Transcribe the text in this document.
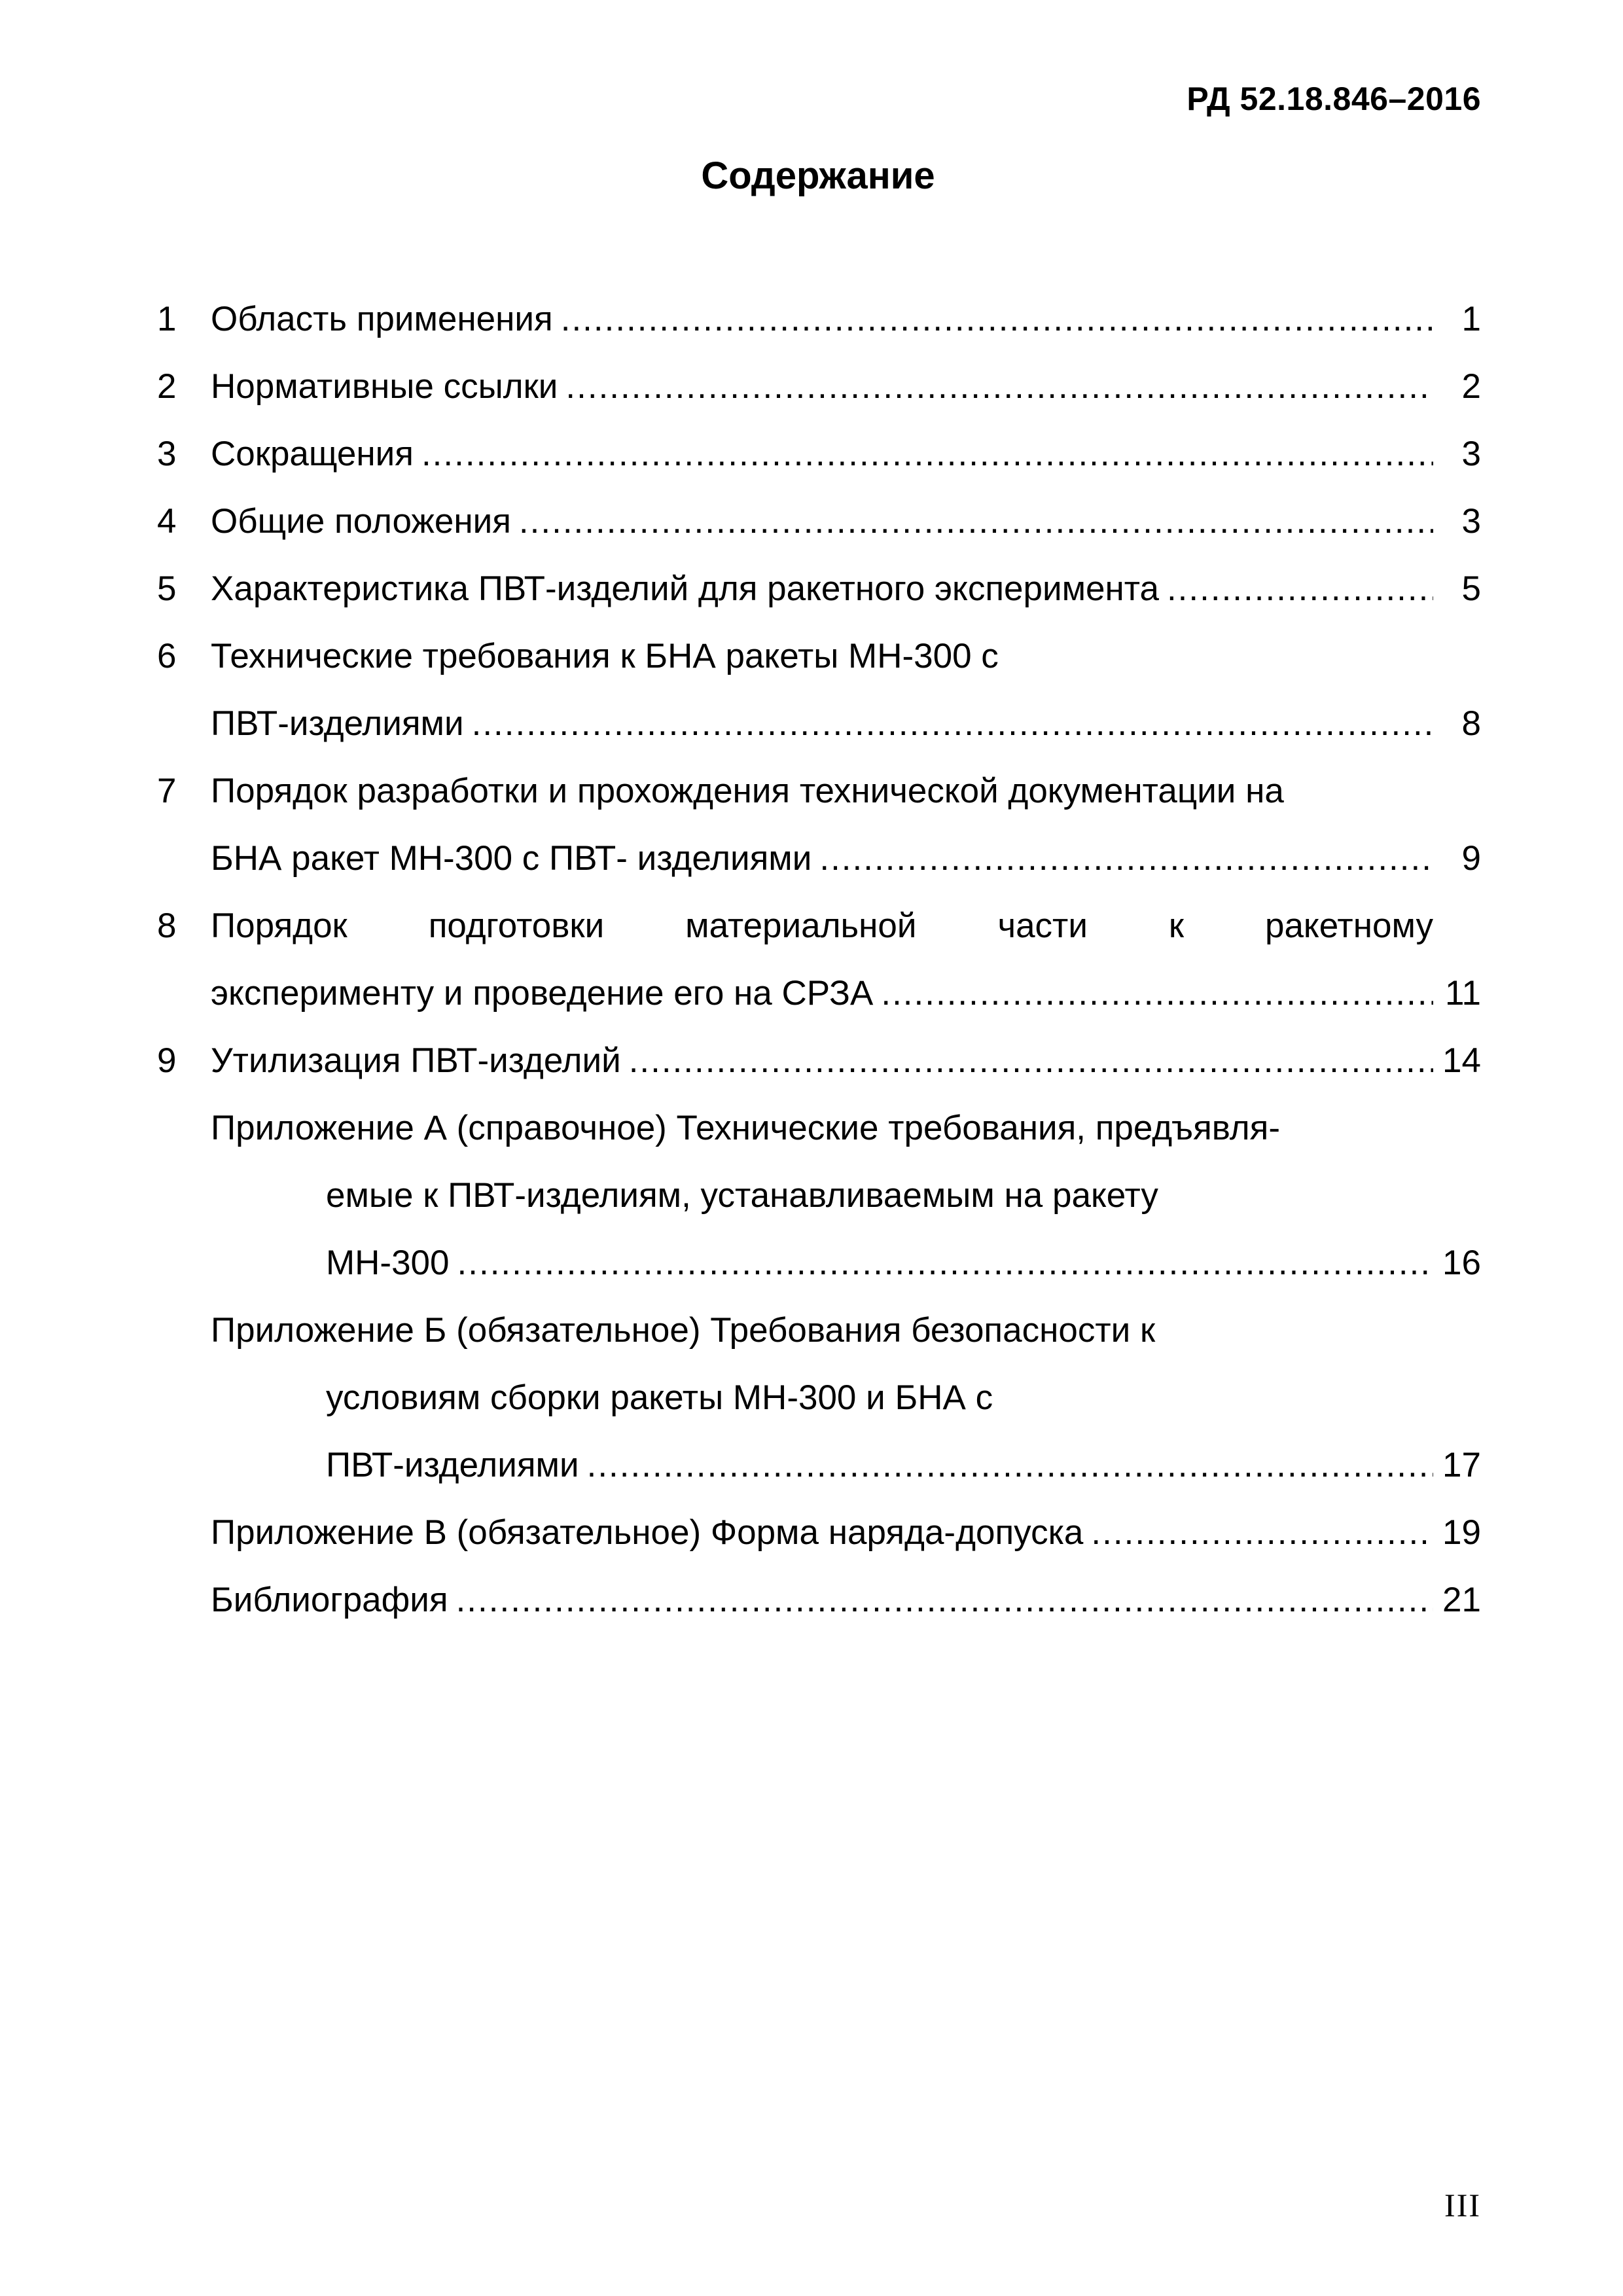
РД 52.18.846–2016
Содержание
1 Область применения .....	1
2 Нормативные ссылки .....	2
3 Сокращения .....	3
4 Общие положения .....	3
5 Характеристика ПВТ-изделий для ракетного эксперимента .....	5
6 Технические требования к БНА ракеты МН-300 с
ПВТ-изделиями .....	8
7 Порядок разработки и прохождения технической документации на
БНА ракет МН-300 с ПВТ- изделиями .....	9
8 Порядок подготовки материальной части к ракетному
эксперименту и проведение его на СРЗА .....	11
9 Утилизация ПВТ-изделий .....	14
Приложение А (справочное) Технические требования, предъявля-
емые к ПВТ-изделиям, устанавливаемым на ракету
МН-300 .....	16
Приложение Б (обязательное) Требования безопасности к
условиям сборки ракеты МН-300 и БНА с
ПВТ-изделиями .....	17
Приложение В (обязательное) Форма наряда-допуска .....	19
Библиография .....	21
III
